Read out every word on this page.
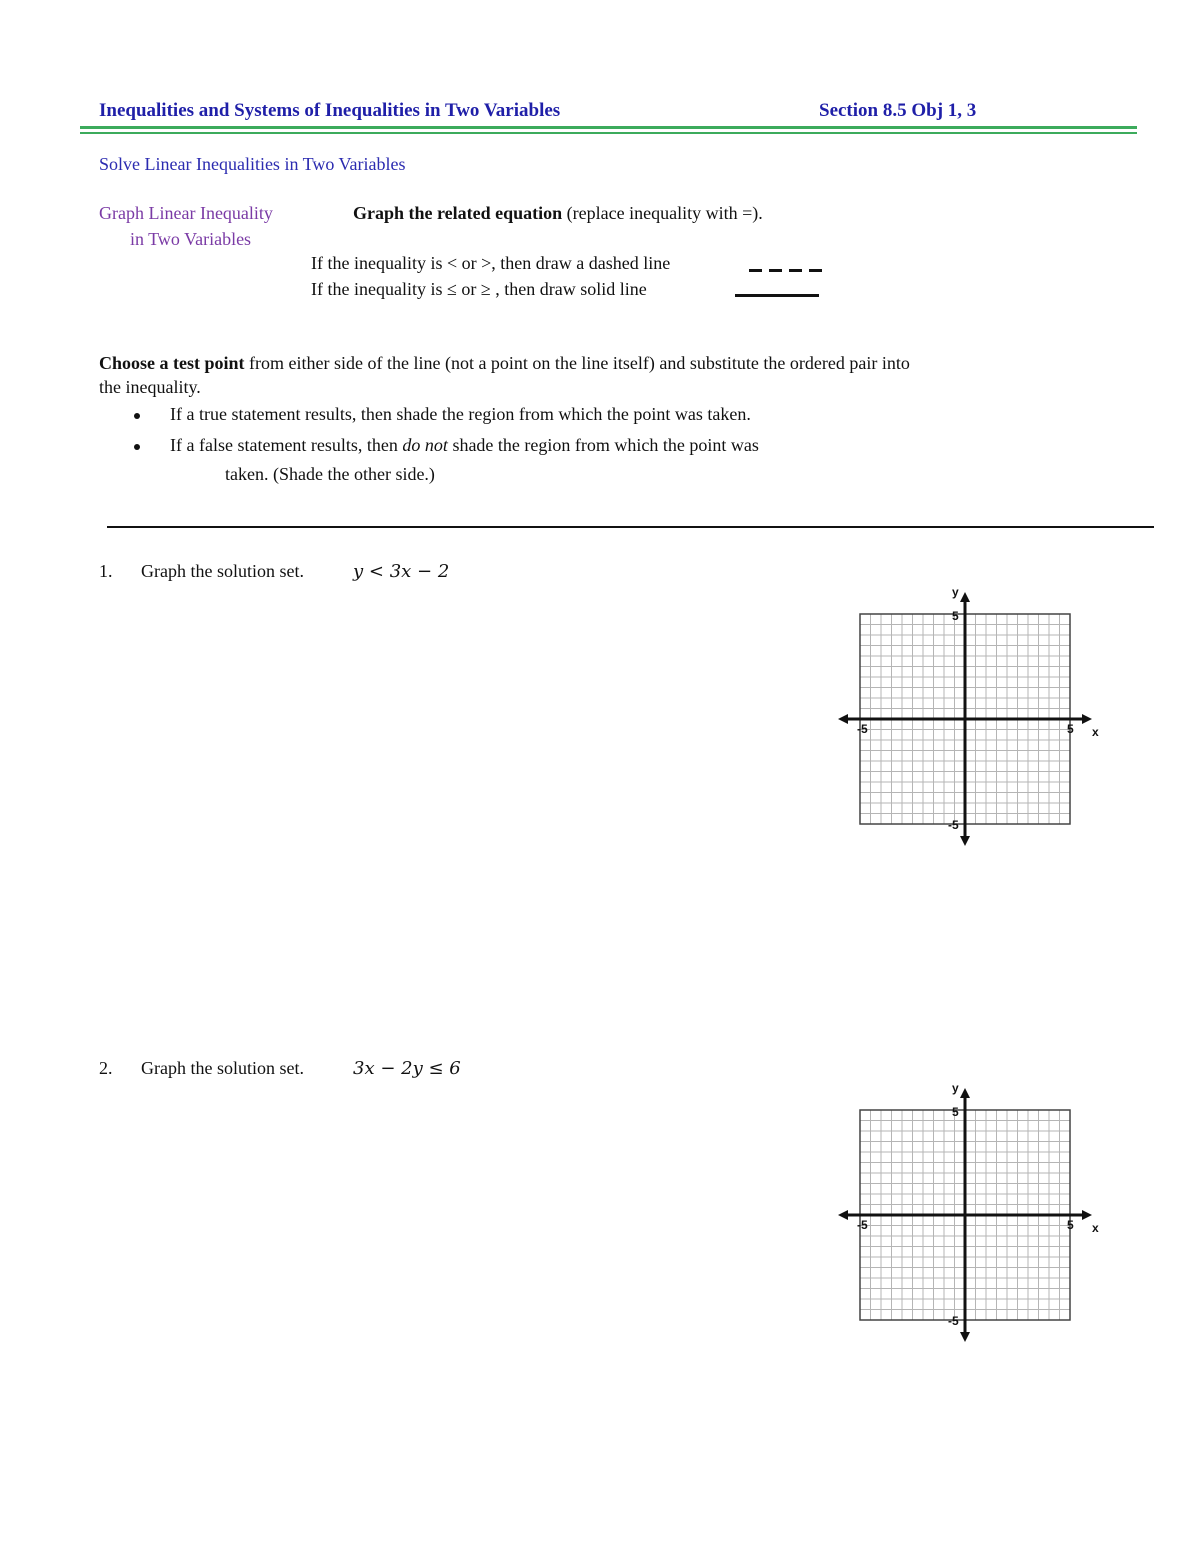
Inequalities and Systems of Inequalities in Two Variables	Section 8.5 Obj 1, 3
Solve Linear Inequalities in Two Variables
Graph Linear Inequality
in Two Variables
Graph the related equation (replace inequality with =).
If the inequality is < or >, then draw a dashed line
If the inequality is ≤ or ≥ , then draw solid line
Choose a test point from either side of the line (not a point on the line itself) and substitute the ordered pair into
the inequality.
If a true statement results, then shade the region from which the point was taken.
If a false statement results, then do not shade the region from which the point was
taken. (Shade the other side.)
1. Graph the solution set.	y < 3x − 2
-5	5 x
y
5
-5
2. Graph the solution set.	3x − 2y ≤ 6
-5	5 x
y
5
-5
